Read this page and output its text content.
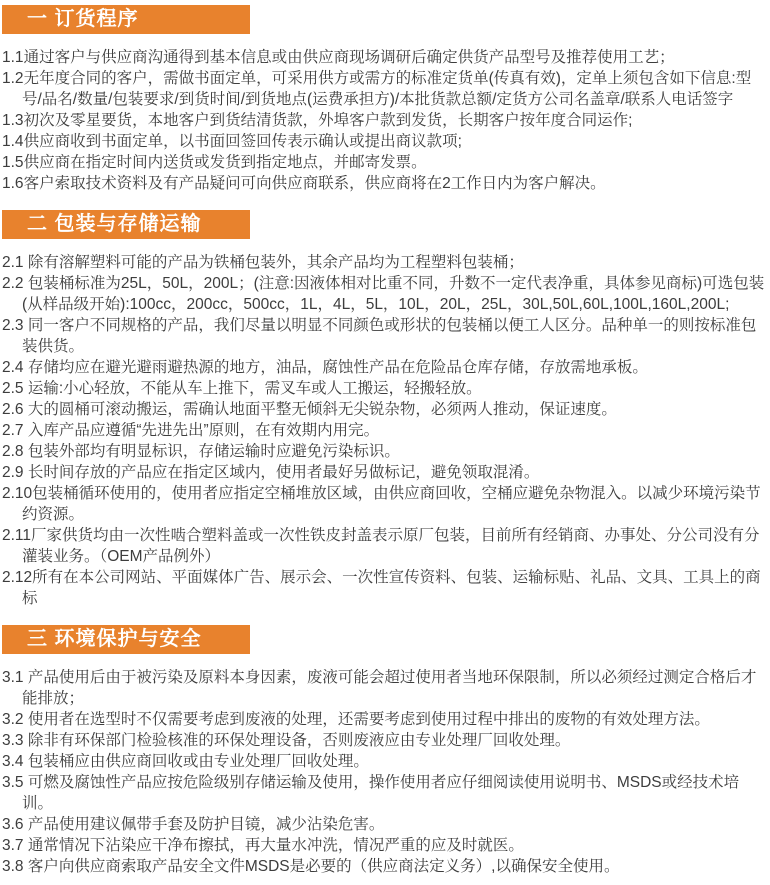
一 订货程序

1.1通过客户与供应商沟通得到基本信息或由供应商现场调研后确定供货产品型号及推荐使用工艺；

1.2无年度合同的客户，需做书面定单，可采用供方或需方的标准定货单(传真有效)，定单上须包含如下信息:型号/品名/数量/包装要求/到货时间/到货地点(运费承担方)/本批货款总额/定货方公司名盖章/联系人电话签字

1.3初次及零星要货，本地客户到货结清货款，外埠客户款到发货，长期客户按年度合同运作;

1.4供应商收到书面定单，以书面回签回传表示确认或提出商议款项;

1.5供应商在指定时间内送货或发货到指定地点，并邮寄发票。

1.6客户索取技术资料及有产品疑问可向供应商联系，供应商将在2工作日内为客户解决。

二 包装与存储运输

2.1 除有溶解塑料可能的产品为铁桶包装外，其余产品均为工程塑料包装桶；

2.2 包装桶标准为25L，50L，200L；(注意:因液体相对比重不同，升数不一定代表净重，具体参见商标)可选包装(从样品级开始):100cc，200cc，500cc，1L，4L，5L，10L，20L，25L，30L,50L,60L,100L,160L,200L;

2.3 同一客户不同规格的产品，我们尽量以明显不同颜色或形状的包装桶以便工人区分。品种单一的则按标准包装供货。

2.4 存储均应在避光避雨避热源的地方，油品，腐蚀性产品在危险品仓库存储，存放需地承板。

2.5 运输:小心轻放，不能从车上推下，需叉车或人工搬运，轻搬轻放。

2.6 大的圆桶可滚动搬运，需确认地面平整无倾斜无尖锐杂物，必须两人推动，保证速度。

2.7 入库产品应遵循“先进先出”原则，在有效期内用完。

2.8 包装外部均有明显标识，存储运输时应避免污染标识。

2.9 长时间存放的产品应在指定区域内，使用者最好另做标记，避免领取混淆。

2.10包装桶循环使用的，使用者应指定空桶堆放区域，由供应商回收，空桶应避免杂物混入。以减少环境污染节约资源。

2.11厂家供货均由一次性啮合塑料盖或一次性铁皮封盖表示原厂包装，目前所有经销商、办事处、分公司没有分灌装业务。（OEM产品例外）

2.12所有在本公司网站、平面媒体广告、展示会、一次性宣传资料、包装、运输标贴、礼品、文具、工具上的商标

三 环境保护与安全

3.1 产品使用后由于被污染及原料本身因素，废液可能会超过使用者当地环保限制，所以必须经过测定合格后才能排放；

3.2 使用者在选型时不仅需要考虑到废液的处理，还需要考虑到使用过程中排出的废物的有效处理方法。

3.3 除非有环保部门检验核准的环保处理设备，否则废液应由专业处理厂回收处理。

3.4 包装桶应由供应商回收或由专业处理厂回收处理。

3.5 可燃及腐蚀性产品应按危险级别存储运输及使用，操作使用者应仔细阅读使用说明书、MSDS或经技术培训。

3.6 产品使用建议佩带手套及防护目镜，减少沾染危害。

3.7 通常情况下沾染应干净布擦拭，再大量水冲洗，情况严重的应及时就医。

3.8 客户向供应商索取产品安全文件MSDS是必要的（供应商法定义务）,以确保安全使用。
